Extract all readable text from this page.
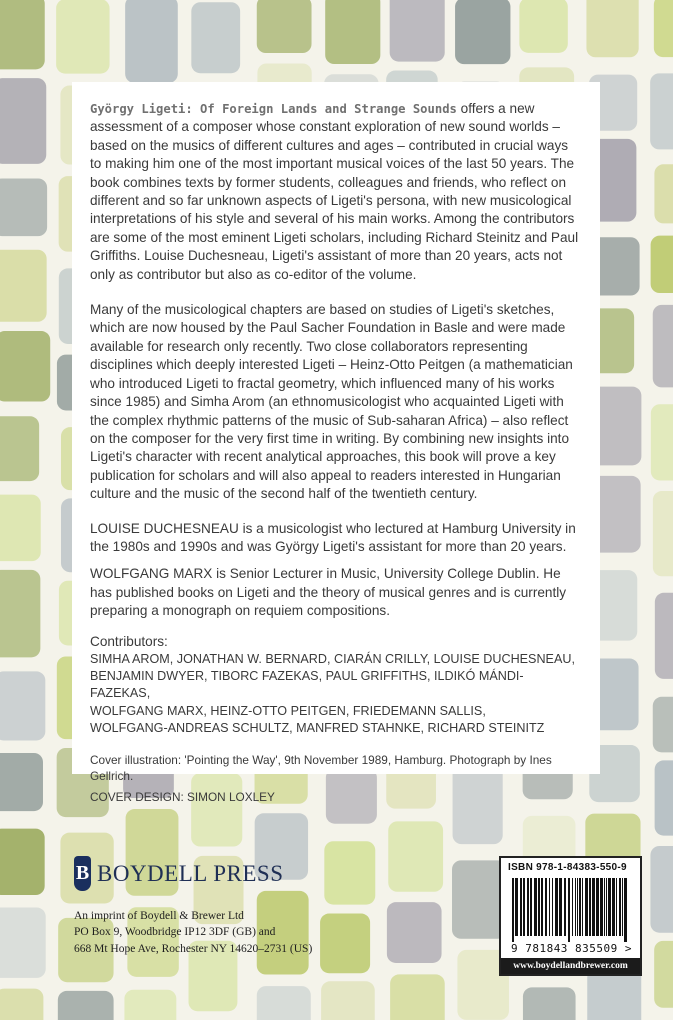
György Ligeti: Of Foreign Lands and Strange Sounds offers a new assessment of a composer whose constant exploration of new sound worlds – based on the musics of different cultures and ages – contributed in crucial ways to making him one of the most important musical voices of the last 50 years. The book combines texts by former students, colleagues and friends, who reflect on different and so far unknown aspects of Ligeti's persona, with new musicological interpretations of his style and several of his main works. Among the contributors are some of the most eminent Ligeti scholars, including Richard Steinitz and Paul Griffiths. Louise Duchesneau, Ligeti's assistant of more than 20 years, acts not only as contributor but also as co-editor of the volume.

Many of the musicological chapters are based on studies of Ligeti's sketches, which are now housed by the Paul Sacher Foundation in Basle and were made available for research only recently. Two close collaborators representing disciplines which deeply interested Ligeti – Heinz-Otto Peitgen (a mathematician who introduced Ligeti to fractal geometry, which influenced many of his works since 1985) and Simha Arom (an ethnomusicologist who acquainted Ligeti with the complex rhythmic patterns of the music of Sub-saharan Africa) – also reflect on the composer for the very first time in writing. By combining new insights into Ligeti's character with recent analytical approaches, this book will prove a key publication for scholars and will also appeal to readers interested in Hungarian culture and the music of the second half of the twentieth century.

LOUISE DUCHESNEAU is a musicologist who lectured at Hamburg University in the 1980s and 1990s and was György Ligeti's assistant for more than 20 years.

WOLFGANG MARX is Senior Lecturer in Music, University College Dublin. He has published books on Ligeti and the theory of musical genres and is currently preparing a monograph on requiem compositions.

Contributors:

SIMHA AROM, JONATHAN W. BERNARD, CIARÁN CRILLY, LOUISE DUCHESNEAU,
BENJAMIN DWYER, TIBORC FAZEKAS, PAUL GRIFFITHS, ILDIKÓ MÁNDI-FAZEKAS,
WOLFGANG MARX, HEINZ-OTTO PEITGEN, FRIEDEMANN SALLIS,
WOLFGANG-ANDREAS SCHULTZ, MANFRED STAHNKE, RICHARD STEINITZ

Cover illustration: 'Pointing the Way', 9th November 1989, Hamburg. Photograph by Ines Gellrich.

COVER DESIGN: SIMON LOXLEY

B BOYDELL PRESS
An imprint of Boydell & Brewer Ltd
PO Box 9, Woodbridge IP12 3DF (GB) and
668 Mt Hope Ave, Rochester NY 14620–2731 (US)
ISBN 978-1-84383-550-9
9 781843 835509 >
www.boydellandbrewer.com
